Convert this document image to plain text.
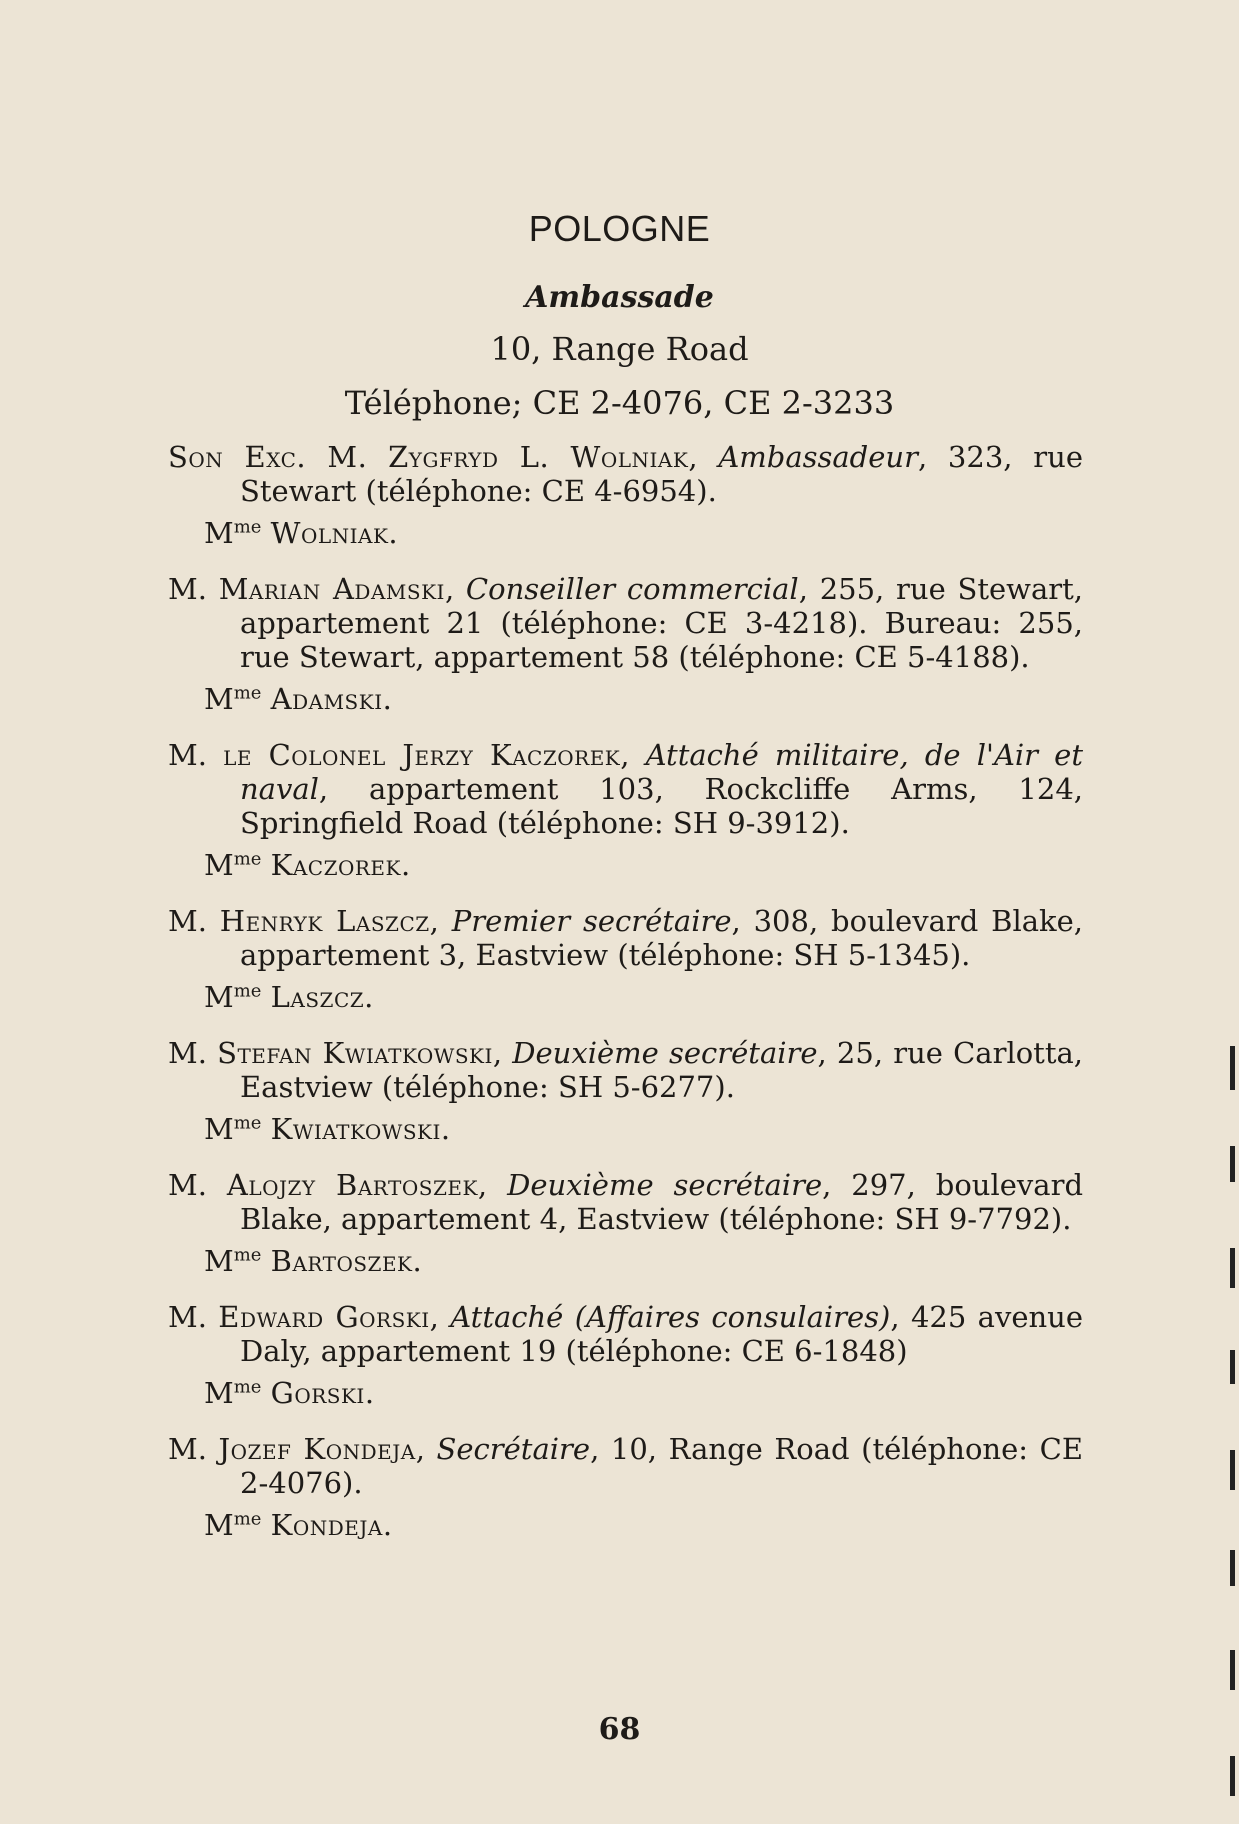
POLOGNE
Ambassade
10, Range Road
Téléphone; CE 2-4076, CE 2-3233

Son Exc. M. Zygfryd L. Wolniak, Ambassadeur, 323, rue Stewart (téléphone: CE 4-6954).

$M^{me}$ Wolniak.

M. Marian Adamski, Conseiller commercial, 255, rue Stewart, appartement 21 (téléphone: CE 3-4218). Bureau: 255, rue Stewart, appartement 58 (téléphone: CE 5-4188).

$M^{me}$ Adamski.

M. le Colonel Jerzy Kaczorek, Attaché militaire, de l'Air et naval, appartement 103, Rockcliffe Arms, 124, Springfield Road (téléphone: SH 9-3912).

$M^{me}$ Kaczorek.

M. Henryk Laszcz, Premier secrétaire, 308, boulevard Blake, appartement 3, Eastview (téléphone: SH 5-1345).

$M^{me}$ Laszcz.

M. Stefan Kwiatkowski, Deuxième secrétaire, 25, rue Carlotta, Eastview (téléphone: SH 5-6277).

$M^{me}$ Kwiatkowski.

M. Alojzy Bartoszek, Deuxième secrétaire, 297, boulevard Blake, appartement 4, Eastview (téléphone: SH 9-7792).

$M^{me}$ Bartoszek.

M. Edward Gorski, Attaché (Affaires consulaires), 425 avenue Daly, appartement 19 (téléphone: CE 6-1848)

$M^{me}$ Gorski.

M. Jozef Kondeja, Secrétaire, 10, Range Road (téléphone: CE 2-4076).

$M^{me}$ Kondeja.
68
